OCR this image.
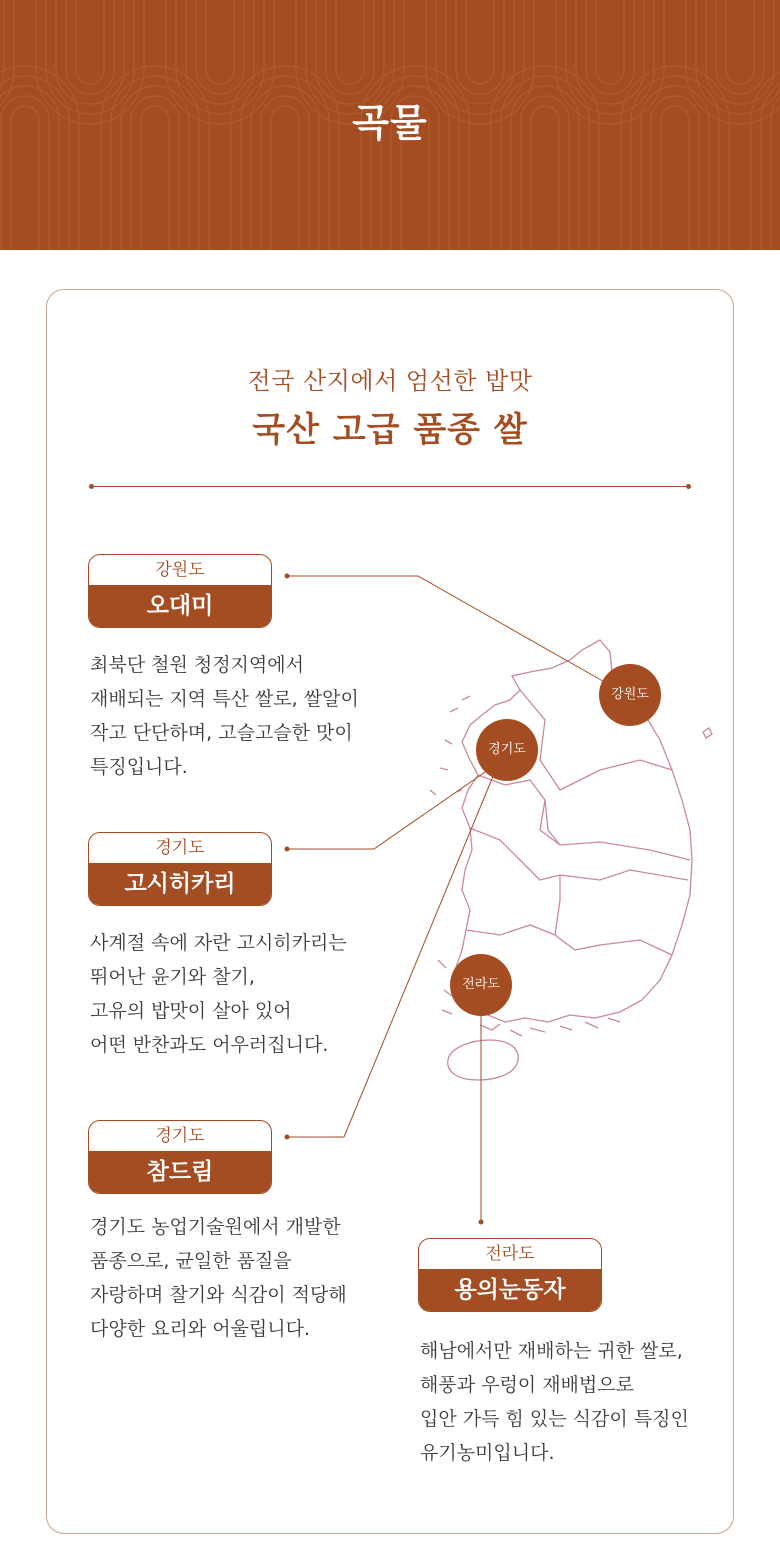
곡물
전국 산지에서 엄선한 밥맛
국산 고급 품종 쌀
강원도
경기도
전라도
강원도
오대미
최북단 철원 청정지역에서
재배되는 지역 특산 쌀로, 쌀알이
작고 단단하며, 고슬고슬한 맛이
특징입니다.
경기도
고시히카리
사계절 속에 자란 고시히카리는
뛰어난 윤기와 찰기,
고유의 밥맛이 살아 있어
어떤 반찬과도 어우러집니다.
경기도
참드림
경기도 농업기술원에서 개발한
품종으로, 균일한 품질을
자랑하며 찰기와 식감이 적당해
다양한 요리와 어울립니다.
전라도
용의눈동자
해남에서만 재배하는 귀한 쌀로,
해풍과 우렁이 재배법으로
입안 가득 힘 있는 식감이 특징인
유기농미입니다.
